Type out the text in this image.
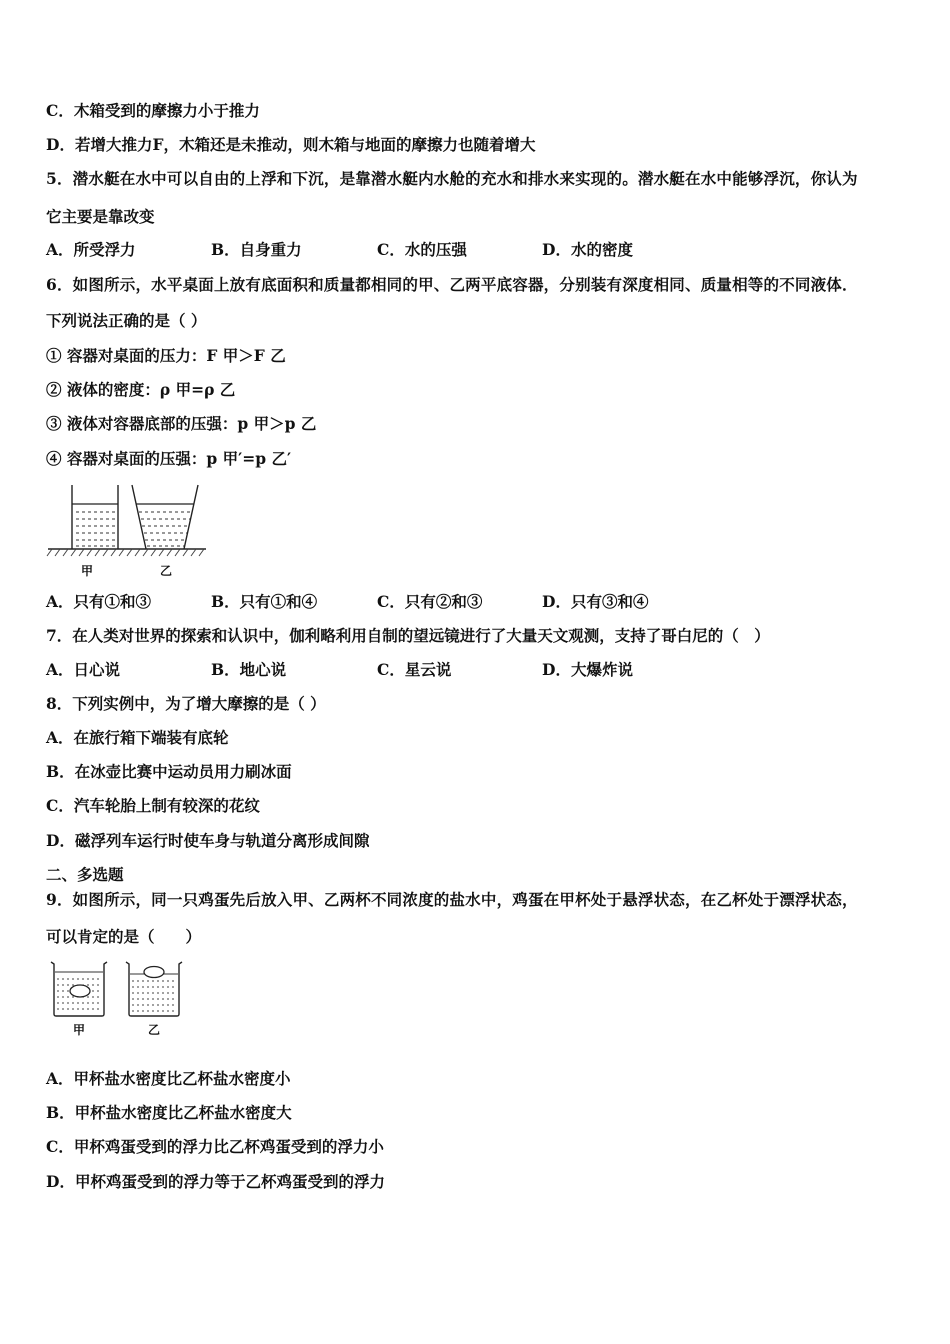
C．木箱受到的摩擦力小于推力
D．若增大推力F，木箱还是未推动，则木箱与地面的摩擦力也随着增大
5．潜水艇在水中可以自由的上浮和下沉，是靠潜水艇内水舱的充水和排水来实现的。潜水艇在水中能够浮沉，你认为
它主要是靠改变
A．所受浮力	B．自身重力	C．水的压强	D．水的密度
6．如图所示，水平桌面上放有底面积和质量都相同的甲、乙两平底容器，分别装有深度相同、质量相等的不同液体．
下列说法正确的是（ ）
① 容器对桌面的压力：F 甲＞F 乙
② 液体的密度：ρ 甲=ρ 乙
③ 液体对容器底部的压强：p 甲＞p 乙
④ 容器对桌面的压强：p 甲′=p 乙′
甲	乙
A．只有①和③	B．只有①和④	C．只有②和③	D．只有③和④
7．在人类对世界的探索和认识中，伽利略利用自制的望远镜进行了大量天文观测，支持了哥白尼的（　）
A．日心说	B．地心说	C．星云说	D．大爆炸说
8．下列实例中，为了增大摩擦的是（ ）
A．在旅行箱下端装有底轮
B．在冰壶比赛中运动员用力刷冰面
C．汽车轮胎上制有较深的花纹
D．磁浮列车运行时使车身与轨道分离形成间隙
二、多选题
9．如图所示，同一只鸡蛋先后放入甲、乙两杯不同浓度的盐水中，鸡蛋在甲杯处于悬浮状态，在乙杯处于漂浮状态，
可以肯定的是（　　）
甲	乙
A．甲杯盐水密度比乙杯盐水密度小
B．甲杯盐水密度比乙杯盐水密度大
C．甲杯鸡蛋受到的浮力比乙杯鸡蛋受到的浮力小
D．甲杯鸡蛋受到的浮力等于乙杯鸡蛋受到的浮力
